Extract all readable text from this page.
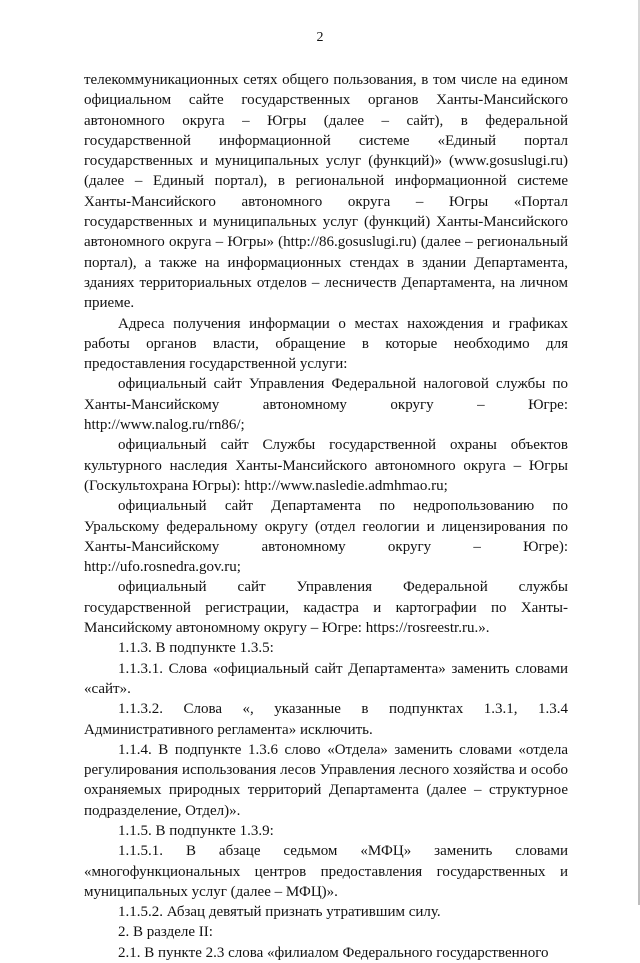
2

телекоммуникационных сетях общего пользования, в том числе на едином официальном сайте государственных органов Ханты-Мансийского автономного округа – Югры (далее – сайт), в федеральной государственной информационной системе «Единый портал государственных и муниципальных услуг (функций)» (www.gosuslugi.ru) (далее – Единый портал), в региональной информационной системе Ханты-Мансийского автономного округа – Югры «Портал государственных и муниципальных услуг (функций) Ханты-Мансийского автономного округа – Югры» (http://86.gosuslugi.ru) (далее – региональный портал), а также на информационных стендах в здании Департамента, зданиях территориальных отделов – лесничеств Департамента, на личном приеме.

Адреса получения информации о местах нахождения и графиках работы органов власти, обращение в которые необходимо для предоставления государственной услуги:

официальный сайт Управления Федеральной налоговой службы по Ханты-Мансийскому автономному округу – Югре: http://www.nalog.ru/rn86/;

официальный сайт Службы государственной охраны объектов культурного наследия Ханты-Мансийского автономного округа – Югры (Госкультохрана Югры): http://www.nasledie.admhmao.ru;

официальный сайт Департамента по недропользованию по Уральскому федеральному округу (отдел геологии и лицензирования по Ханты-Мансийскому автономному округу – Югре): http://ufo.rosnedra.gov.ru;

официальный сайт Управления Федеральной службы государственной регистрации, кадастра и картографии по Ханты-Мансийскому автономному округу – Югре: https://rosreestr.ru.».

1.1.3. В подпункте 1.3.5:

1.1.3.1. Слова «официальный сайт Департамента» заменить словами «сайт».

1.1.3.2. Слова «, указанные в подпунктах 1.3.1, 1.3.4 Административного регламента» исключить.

1.1.4. В подпункте 1.3.6 слово «Отдела» заменить словами «отдела регулирования использования лесов Управления лесного хозяйства и особо охраняемых природных территорий Департамента (далее – структурное подразделение, Отдел)».

1.1.5. В подпункте 1.3.9:

1.1.5.1. В абзаце седьмом «МФЦ» заменить словами «многофункциональных центров предоставления государственных и муниципальных услуг (далее – МФЦ)».

1.1.5.2. Абзац девятый признать утратившим силу.

2. В разделе II:

2.1. В пункте 2.3 слова «филиалом Федерального государственного
